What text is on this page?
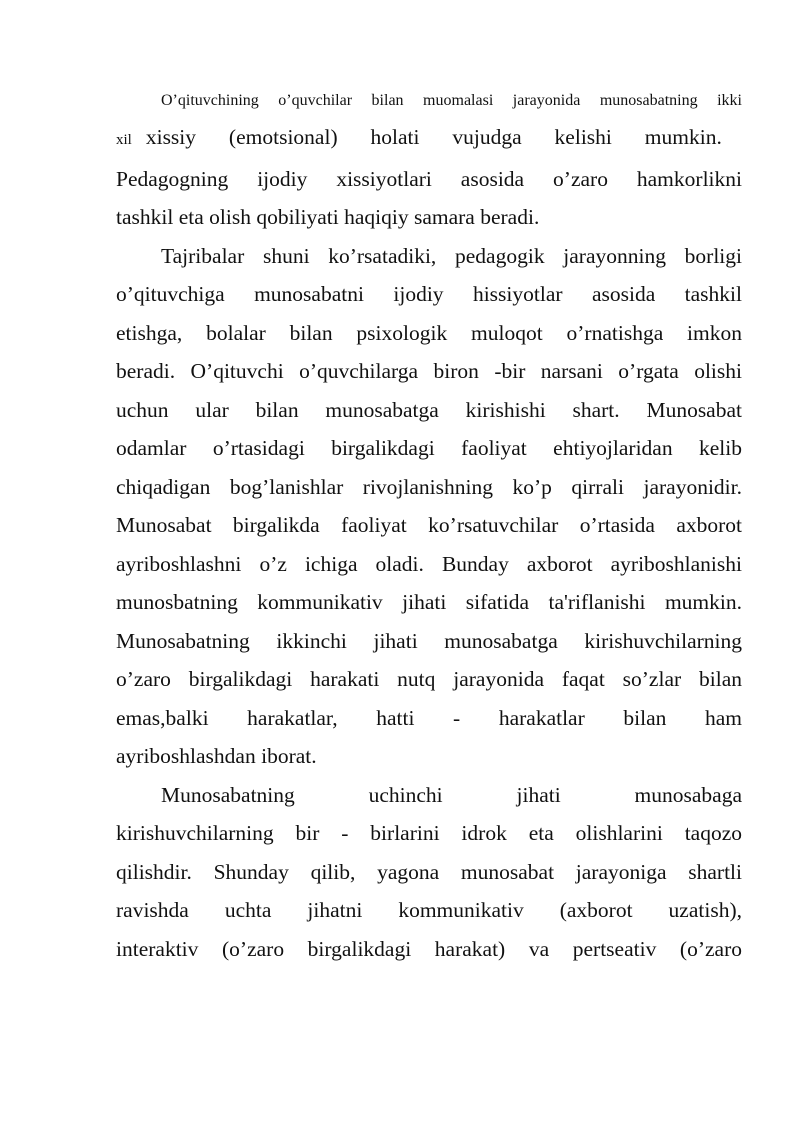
O’qituvchining o’quvchilar bilan muomalasi jarayonida munosabatning ikki

xil xissiy (emotsional) holati vujudga kelishi mumkin.

Pedagogning ijodiy xissiyotlari asosida o’zaro hamkorlikni

tashkil eta olish qobiliyati haqiqiy samara beradi.

Tajribalar shuni ko’rsatadiki, pedagogik jarayonning borligi

o’qituvchiga munosabatni ijodiy hissiyotlar asosida tashkil

etishga, bolalar bilan psixologik muloqot o’rnatishga imkon

beradi. O’qituvchi o’quvchilarga biron -bir narsani o’rgata olishi

uchun ular bilan munosabatga kirishishi shart. Munosabat

odamlar o’rtasidagi birgalikdagi faoliyat ehtiyojlaridan kelib

chiqadigan bog’lanishlar rivojlanishning ko’p qirrali jarayonidir.

Munosabat birgalikda faoliyat ko’rsatuvchilar o’rtasida axborot

ayriboshlashni o’z ichiga oladi. Bunday axborot ayriboshlanishi

munosbatning kommunikativ jihati sifatida ta'riflanishi mumkin.

Munosabatning ikkinchi jihati munosabatga kirishuvchilarning

o’zaro birgalikdagi harakati nutq jarayonida faqat so’zlar bilan

emas,balki harakatlar, hatti - harakatlar bilan ham

ayriboshlashdan iborat.

Munosabatning uchinchi jihati munosabaga

kirishuvchilarning bir - birlarini idrok eta olishlarini taqozo

qilishdir. Shunday qilib, yagona munosabat jarayoniga shartli

ravishda uchta jihatni kommunikativ (axborot uzatish),

interaktiv (o’zaro birgalikdagi harakat) va pertseativ (o’zaro
